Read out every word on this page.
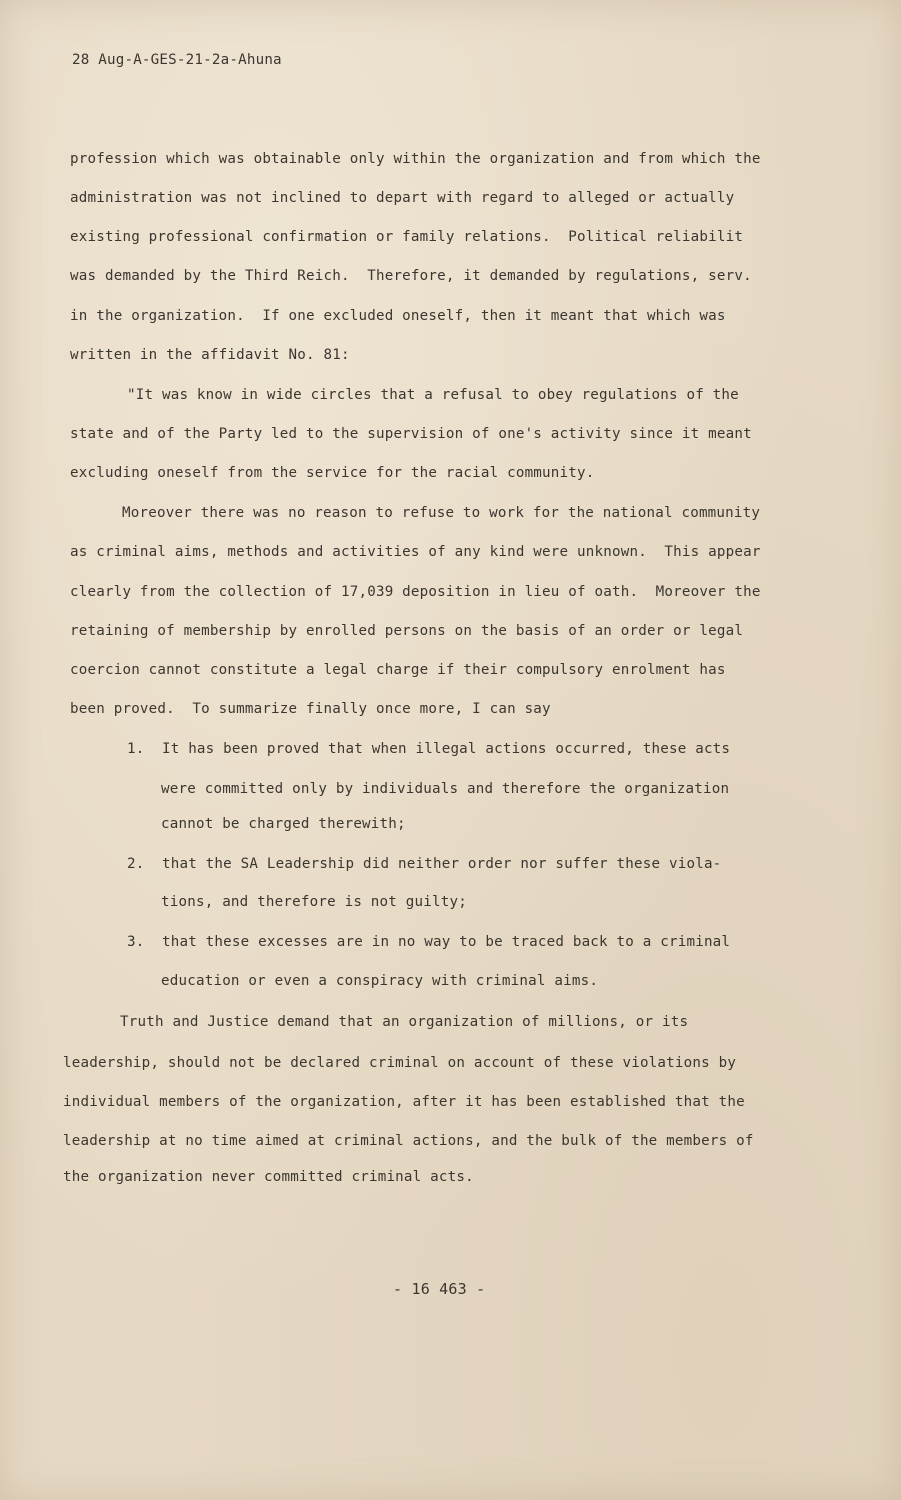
28 Aug-A-GES-21-2a-Ahuna
profession which was obtainable only within the organization and from which the
administration was not inclined to depart with regard to alleged or actually
existing professional confirmation or family relations.  Political reliabilit
was demanded by the Third Reich.  Therefore, it demanded by regulations, serv.
in the organization.  If one excluded oneself, then it meant that which was
written in the affidavit No. 81:
"It was know in wide circles that a refusal to obey regulations of the
state and of the Party led to the supervision of one's activity since it meant
excluding oneself from the service for the racial community.
Moreover there was no reason to refuse to work for the national community
as criminal aims, methods and activities of any kind were unknown.  This appear
clearly from the collection of 17,039 deposition in lieu of oath.  Moreover the
retaining of membership by enrolled persons on the basis of an order or legal
coercion cannot constitute a legal charge if their compulsory enrolment has
been proved.  To summarize finally once more, I can say
1.  It has been proved that when illegal actions occurred, these acts
were committed only by individuals and therefore the organization
cannot be charged therewith;
2.  that the SA Leadership did neither order nor suffer these viola-
tions, and therefore is not guilty;
3.  that these excesses are in no way to be traced back to a criminal
education or even a conspiracy with criminal aims.
Truth and Justice demand that an organization of millions, or its
leadership, should not be declared criminal on account of these violations by
individual members of the organization, after it has been established that the
leadership at no time aimed at criminal actions, and the bulk of the members of
the organization never committed criminal acts.
- 16 463 -
